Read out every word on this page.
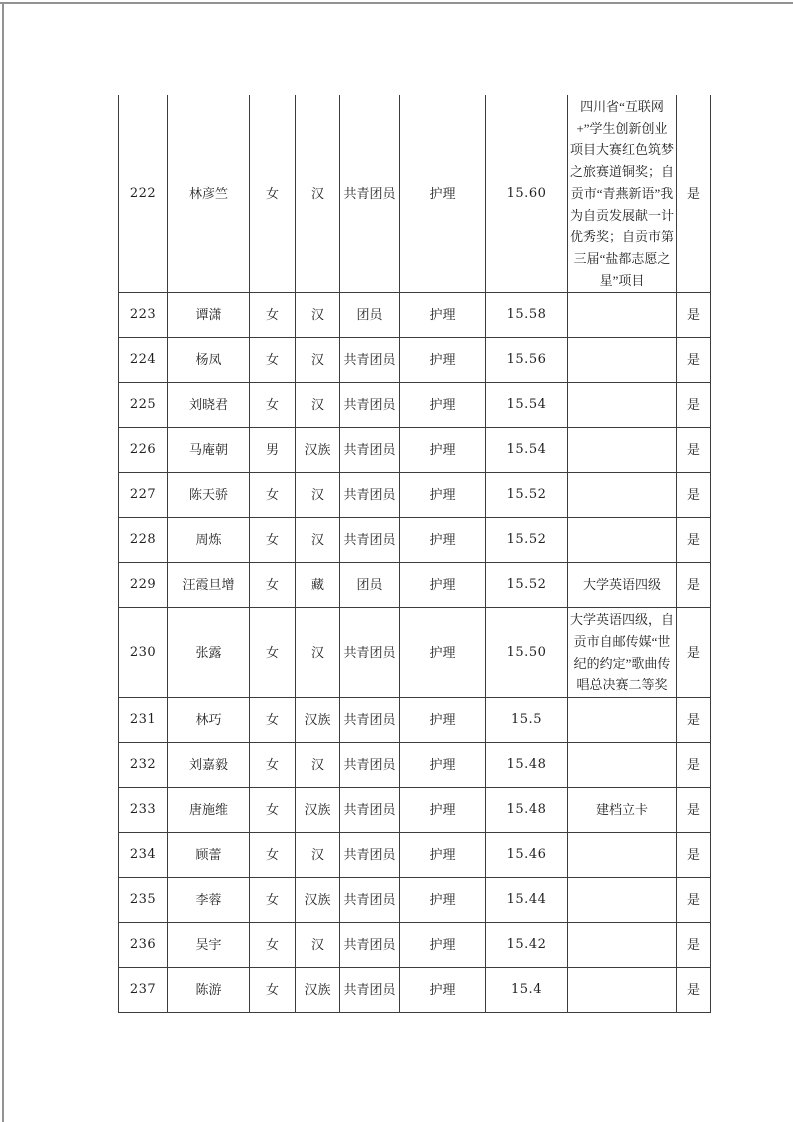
222	林彦竺	女	汉	共青团员	护理	15.60	四川省“互联网+”学生创新创业项目大赛红色筑梦之旅赛道铜奖；自贡市“青燕新语”我为自贡发展献一计优秀奖；自贡市第三届“盐都志愿之星”项目	是
223	谭潇	女	汉	团员	护理	15.58		是
224	杨凤	女	汉	共青团员	护理	15.56		是
225	刘晓君	女	汉	共青团员	护理	15.54		是
226	马庵朝	男	汉族	共青团员	护理	15.54		是
227	陈天骄	女	汉	共青团员	护理	15.52		是
228	周炼	女	汉	共青团员	护理	15.52		是
229	汪霞旦增	女	藏	团员	护理	15.52	大学英语四级	是
230	张露	女	汉	共青团员	护理	15.50	大学英语四级，自贡市自邮传媒“世纪的约定”歌曲传唱总决赛二等奖	是
231	林巧	女	汉族	共青团员	护理	15.5		是
232	刘嘉毅	女	汉	共青团员	护理	15.48		是
233	唐施维	女	汉族	共青团员	护理	15.48	建档立卡	是
234	顾蕾	女	汉	共青团员	护理	15.46		是
235	李蓉	女	汉族	共青团员	护理	15.44		是
236	吴宇	女	汉	共青团员	护理	15.42		是
237	陈游	女	汉族	共青团员	护理	15.4		是
